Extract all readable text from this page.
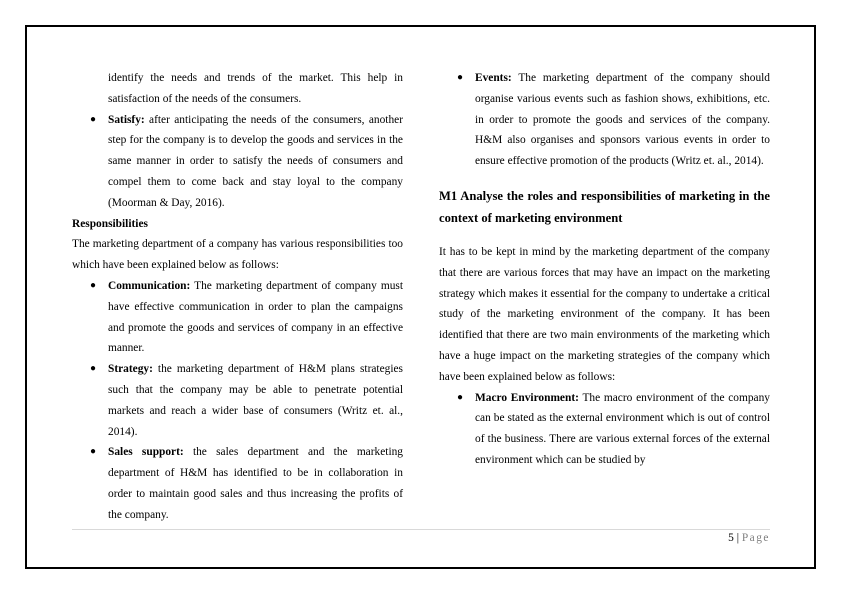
identify the needs and trends of the market. This help in satisfaction of the needs of the consumers.

● Satisfy: after anticipating the needs of the consumers, another step for the company is to develop the goods and services in the same manner in order to satisfy the needs of consumers and compel them to come back and stay loyal to the company (Moorman & Day, 2016).

Responsibilities

The marketing department of a company has various responsibilities too which have been explained below as follows:

● Communication: The marketing department of company must have effective communication in order to plan the campaigns and promote the goods and services of company in an effective manner.

● Strategy: the marketing department of H&M plans strategies such that the company may be able to penetrate potential markets and reach a wider base of consumers (Writz et. al., 2014).

● Sales support: the sales department and the marketing department of H&M has identified to be in collaboration in order to maintain good sales and thus increasing the profits of the company.

● Events: The marketing department of the company should organise various events such as fashion shows, exhibitions, etc. in order to promote the goods and services of the company. H&M also organises and sponsors various events in order to ensure effective promotion of the products (Writz et. al., 2014).

M1 Analyse the roles and responsibilities of marketing in the context of marketing environment

It has to be kept in mind by the marketing department of the company that there are various forces that may have an impact on the marketing strategy which makes it essential for the company to undertake a critical study of the marketing environment of the company. It has been identified that there are two main environments of the marketing which have a huge impact on the marketing strategies of the company which have been explained below as follows:

● Macro Environment: The macro environment of the company can be stated as the external environment which is out of control of the business. There are various external forces of the external environment which can be studied by

5 | Page
